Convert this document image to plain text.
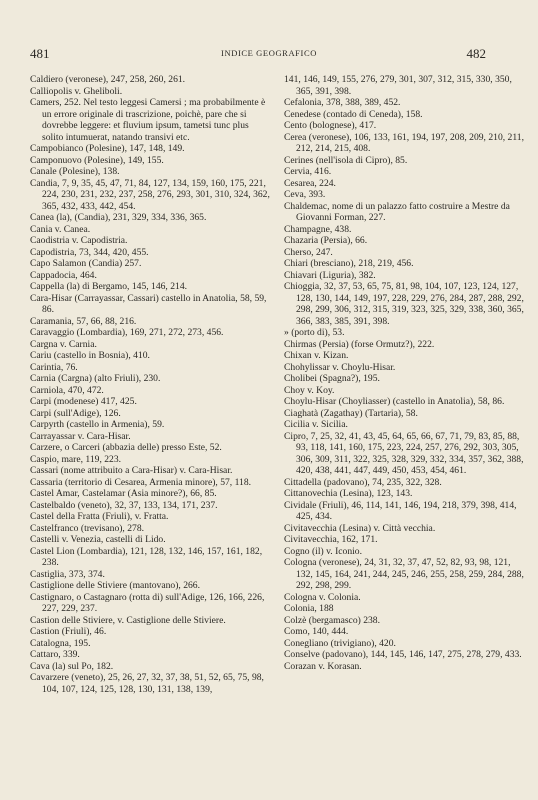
481	INDICE GEOGRAFICO	482
Caldiero (veronese), 247, 258, 260, 261.
Calliopolis v. Gheliboli.
Camers, 252. Nel testo leggesi Camersi ; ma probabilmente è un errore originale di trascrizione, poichè, pare che si dovrebbe leggere: et fluvium ipsum, tametsi tunc plus solito intumuerat, natando transivi etc.
Campobianco (Polesine), 147, 148, 149.
Camponuovo (Polesine), 149, 155.
Canale (Polesine), 138.
Candia, 7, 9, 35, 45, 47, 71, 84, 127, 134, 159, 160, 175, 221, 224, 230, 231, 232, 237, 258, 276, 293, 301, 310, 324, 362, 365, 432, 433, 442, 454.
Canea (la), (Candia), 231, 329, 334, 336, 365.
Cania v. Canea.
Caodistria v. Capodistria.
Capodistria, 73, 344, 420, 455.
Capo Salamon (Candia) 257.
Cappadocia, 464.
Cappella (la) di Bergamo, 145, 146, 214.
Cara-Hisar (Carrayassar, Cassari) castello in Anatolia, 58, 59, 86.
Caramania, 57, 66, 88, 216.
Caravaggio (Lombardia), 169, 271, 272, 273, 456.
Cargna v. Carnia.
Cariu (castello in Bosnia), 410.
Carintia, 76.
Carnia (Cargna) (alto Friuli), 230.
Carniola, 470, 472.
Carpi (modenese) 417, 425.
Carpi (sull'Adige), 126.
Carpyrth (castello in Armenia), 59.
Carrayassar v. Cara-Hisar.
Carzere, o Carceri (abbazia delle) presso Este, 52.
Caspio, mare, 119, 223.
Cassari (nome attribuito a Cara-Hisar) v. Cara-Hisar.
Cassaria (territorio di Cesarea, Armenia minore), 57, 118.
Castel Amar, Castelamar (Asia minore?), 66, 85.
Castelbaldo (veneto), 32, 37, 133, 134, 171, 237.
Castel della Fratta (Friuli), v. Fratta.
Castelfranco (trevisano), 278.
Castelli v. Venezia, castelli di Lido.
Castel Lion (Lombardia), 121, 128, 132, 146, 157, 161, 182, 238.
Castiglia, 373, 374.
Castiglione delle Stiviere (mantovano), 266.
Castignaro, o Castagnaro (rotta di) sull'Adige, 126, 166, 226, 227, 229, 237.
Castion delle Stiviere, v. Castiglione delle Stiviere.
Castion (Friuli), 46.
Catalogna, 195.
Cattaro, 339.
Cava (la) sul Po, 182.
Cavarzere (veneto), 25, 26, 27, 32, 37, 38, 51, 52, 65, 75, 98, 104, 107, 124, 125, 128, 130, 131, 138, 139,
141, 146, 149, 155, 276, 279, 301, 307, 312, 315, 330, 350, 365, 391, 398.
Cefalonia, 378, 388, 389, 452.
Cenedese (contado di Ceneda), 158.
Cento (bolognese), 417.
Cerea (veronese), 106, 133, 161, 194, 197, 208, 209, 210, 211, 212, 214, 215, 408.
Cerines (nell'isola di Cipro), 85.
Cervia, 416.
Cesarea, 224.
Ceva, 393.
Chaldemac, nome di un palazzo fatto costruire a Mestre da Giovanni Forman, 227.
Champagne, 438.
Chazaria (Persia), 66.
Cherso, 247.
Chiari (bresciano), 218, 219, 456.
Chiavari (Liguria), 382.
Chioggia, 32, 37, 53, 65, 75, 81, 98, 104, 107, 123, 124, 127, 128, 130, 144, 149, 197, 228, 229, 276, 284, 287, 288, 292, 298, 299, 306, 312, 315, 319, 323, 325, 329, 338, 360, 365, 366, 383, 385, 391, 398.
» (porto di), 53.
Chirmas (Persia) (forse Ormutz?), 222.
Chixan v. Kizan.
Chohylissar v. Choylu-Hisar.
Cholibei (Spagna?), 195.
Choy v. Koy.
Choylu-Hisar (Choyliasser) (castello in Anatolia), 58, 86.
Ciaghatà (Zagathay) (Tartaria), 58.
Cicilia v. Sicilia.
Cipro, 7, 25, 32, 41, 43, 45, 64, 65, 66, 67, 71, 79, 83, 85, 88, 93, 118, 141, 160, 175, 223, 224, 257, 276, 292, 303, 305, 306, 309, 311, 322, 325, 328, 329, 332, 334, 357, 362, 388, 420, 438, 441, 447, 449, 450, 453, 454, 461.
Cittadella (padovano), 74, 235, 322, 328.
Cittanovechia (Lesina), 123, 143.
Cividale (Friuli), 46, 114, 141, 146, 194, 218, 379, 398, 414, 425, 434.
Civitavecchia (Lesina) v. Città vecchia.
Civitavecchia, 162, 171.
Cogno (il) v. Iconio.
Cologna (veronese), 24, 31, 32, 37, 47, 52, 82, 93, 98, 121, 132, 145, 164, 241, 244, 245, 246, 255, 258, 259, 284, 288, 292, 298, 299.
Cologna v. Colonia.
Colonia, 188
Colzè (bergamasco) 238.
Como, 140, 444.
Conegliano (trivigiano), 420.
Conselve (padovano), 144, 145, 146, 147, 275, 278, 279, 433.
Corazan v. Korasan.
